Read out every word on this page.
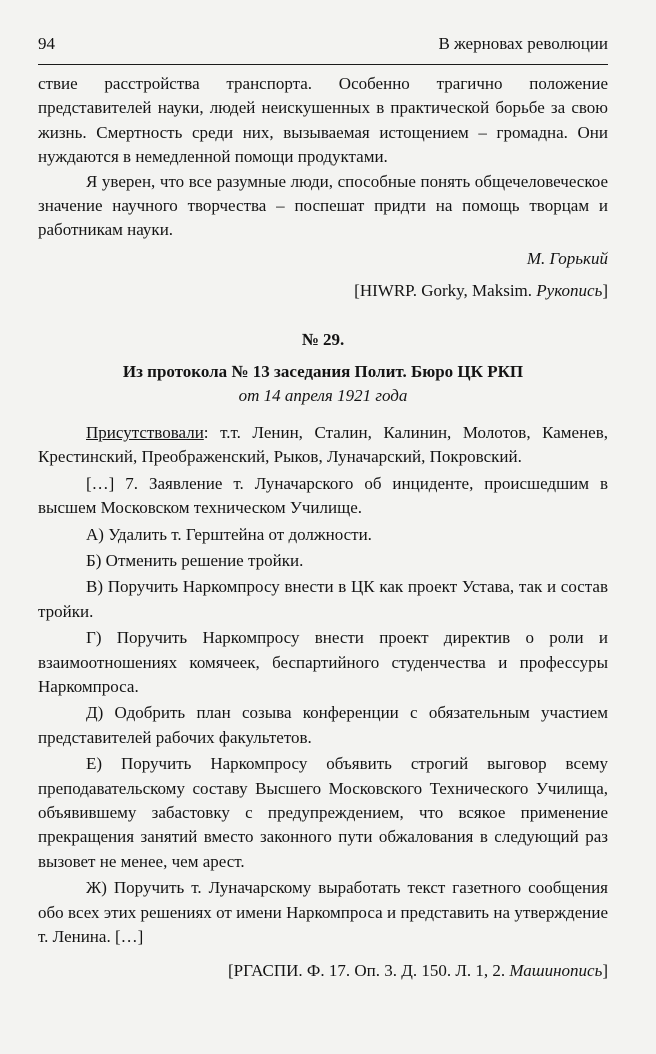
94	В жерновах революции

ствие расстройства транспорта. Особенно трагично положение представителей науки, людей неискушенных в практической борьбе за свою жизнь. Смертность среди них, вызываемая истощением – громадна. Они нуждаются в немедленной помощи продуктами.

Я уверен, что все разумные люди, способные понять общечеловеческое значение научного творчества – поспешат придти на помощь творцам и работникам науки.

М. Горький

[HIWRP. Gorky, Maksim. Рукопись]

№ 29.

Из протокола № 13 заседания Полит. Бюро ЦК РКП

от 14 апреля 1921 года

Присутствовали: т.т. Ленин, Сталин, Калинин, Молотов, Каменев, Крестинский, Преображенский, Рыков, Луначарский, Покровский.

[…] 7. Заявление т. Луначарского об инциденте, происшедшим в высшем Московском техническом Училище.

А) Удалить т. Герштейна от должности.

Б) Отменить решение тройки.

В) Поручить Наркомпросу внести в ЦК как проект Устава, так и состав тройки.

Г) Поручить Наркомпросу внести проект директив о роли и взаимоотношениях комячеек, беспартийного студенчества и профессуры Наркомпроса.

Д) Одобрить план созыва конференции с обязательным участием представителей рабочих факультетов.

Е) Поручить Наркомпросу объявить строгий выговор всему преподавательскому составу Высшего Московского Технического Училища, объявившему забастовку с предупреждением, что всякое применение прекращения занятий вместо законного пути обжалования в следующий раз вызовет не менее, чем арест.

Ж) Поручить т. Луначарскому выработать текст газетного сообщения обо всех этих решениях от имени Наркомпроса и представить на утверждение т. Ленина. […]

[РГАСПИ. Ф. 17. Оп. 3. Д. 150. Л. 1, 2. Машинопись]
